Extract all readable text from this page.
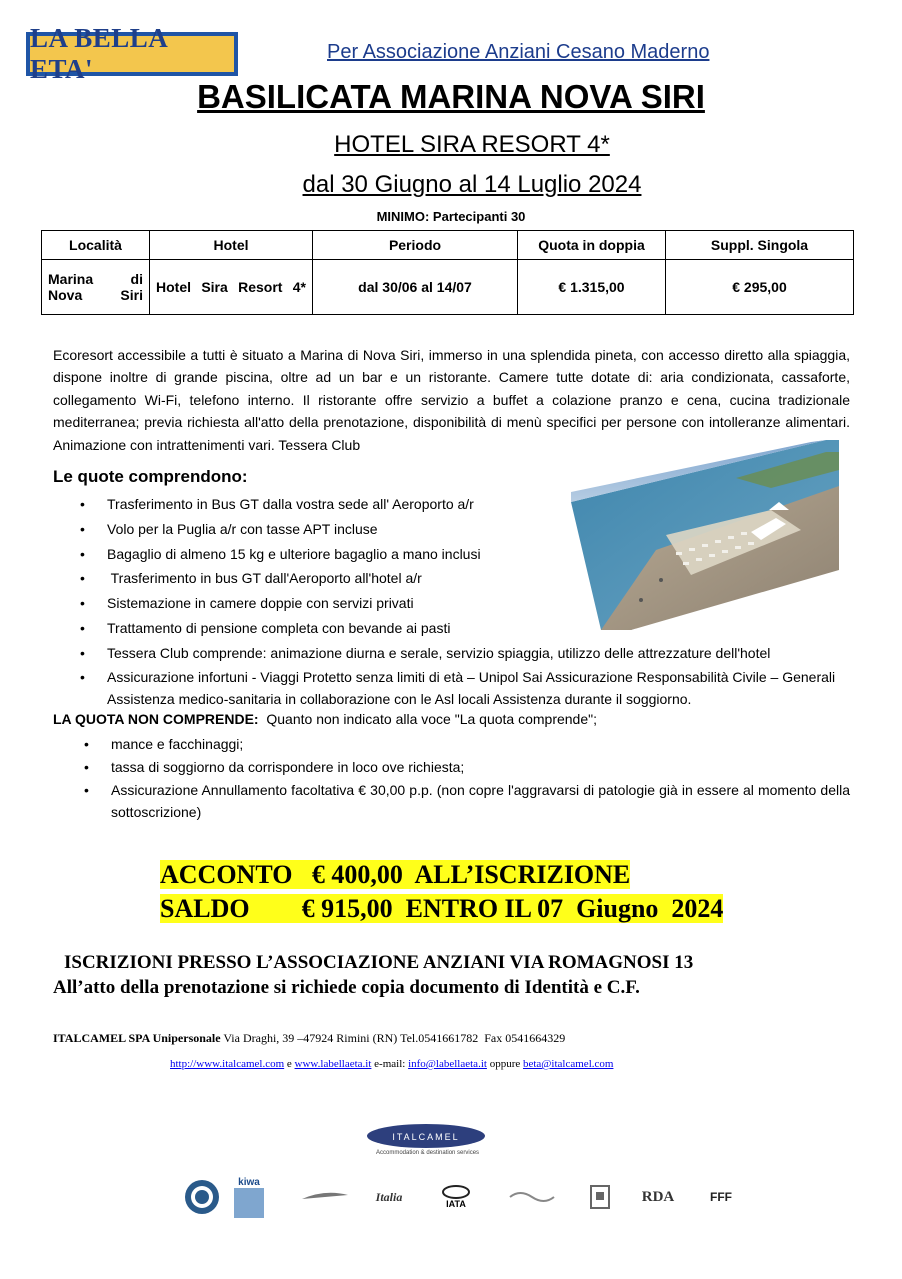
LA BELLA ETA'
Per Associazione Anziani Cesano Maderno
BASILICATA MARINA NOVA SIRI
HOTEL SIRA RESORT 4*
dal 30 Giugno al 14 Luglio 2024
MINIMO: Partecipanti 30
Località	Hotel	Periodo	Quota in doppia	Suppl. Singola
Marina di Nova Siri	Hotel Sira Resort 4*	dal 30/06 al 14/07	€ 1.315,00	€ 295,00
Ecoresort accessibile a tutti è situato a Marina di Nova Siri, immerso in una splendida pineta, con accesso diretto alla spiaggia, dispone inoltre di grande piscina, oltre ad un bar e un ristorante. Camere tutte dotate di: aria condizionata, cassaforte, collegamento Wi-Fi, telefono interno. Il ristorante offre servizio a buffet a colazione pranzo e cena, cucina tradizionale mediterranea; previa richiesta all'atto della prenotazione, disponibilità di menù specifici per persone con intolleranze alimentari. Animazione con intrattenimenti vari. Tessera Club
Le quote comprendono:
• Trasferimento in Bus GT dalla vostra sede all' Aeroporto a/r
• Volo per la Puglia a/r con tasse APT incluse
• Bagaglio di almeno 15 kg e ulteriore bagaglio a mano inclusi
• Trasferimento in bus GT dall'Aeroporto all'hotel a/r
• Sistemazione in camere doppie con servizi privati
• Trattamento di pensione completa con bevande ai pasti
• Tessera Club comprende: animazione diurna e serale, servizio spiaggia, utilizzo delle attrezzature dell'hotel
• Assicurazione infortuni - Viaggi Protetto senza limiti di età – Unipol Sai Assicurazione Responsabilità Civile – Generali Assistenza medico-sanitaria in collaborazione con le Asl locali Assistenza durante il soggiorno.
LA QUOTA NON COMPRENDE: Quanto non indicato alla voce "La quota comprende";
• mance e facchinaggi;
• tassa di soggiorno da corrispondere in loco ove richiesta;
• Assicurazione Annullamento facoltativa € 30,00 p.p. (non copre l'aggravarsi di patologie già in essere al momento della sottoscrizione)
ACCONTO   € 400,00  ALL’ISCRIZIONE
SALDO        € 915,00  ENTRO IL 07  Giugno  2024
ISCRIZIONI PRESSO L’ASSOCIAZIONE ANZIANI VIA ROMAGNOSI 13
All’atto della prenotazione si richiede copia documento di Identità e C.F.
ITALCAMEL SPA Unipersonale Via Draghi, 39 –47924 Rimini (RN) Tel.0541661782  Fax 0541664329
http://www.italcamel.com e www.labellaeta.it e-mail: info@labellaeta.it oppure beta@italcamel.com
ITALCAMEL
Accommodation & destination services
kiwa
Italia
IATA	RDA	FFF
